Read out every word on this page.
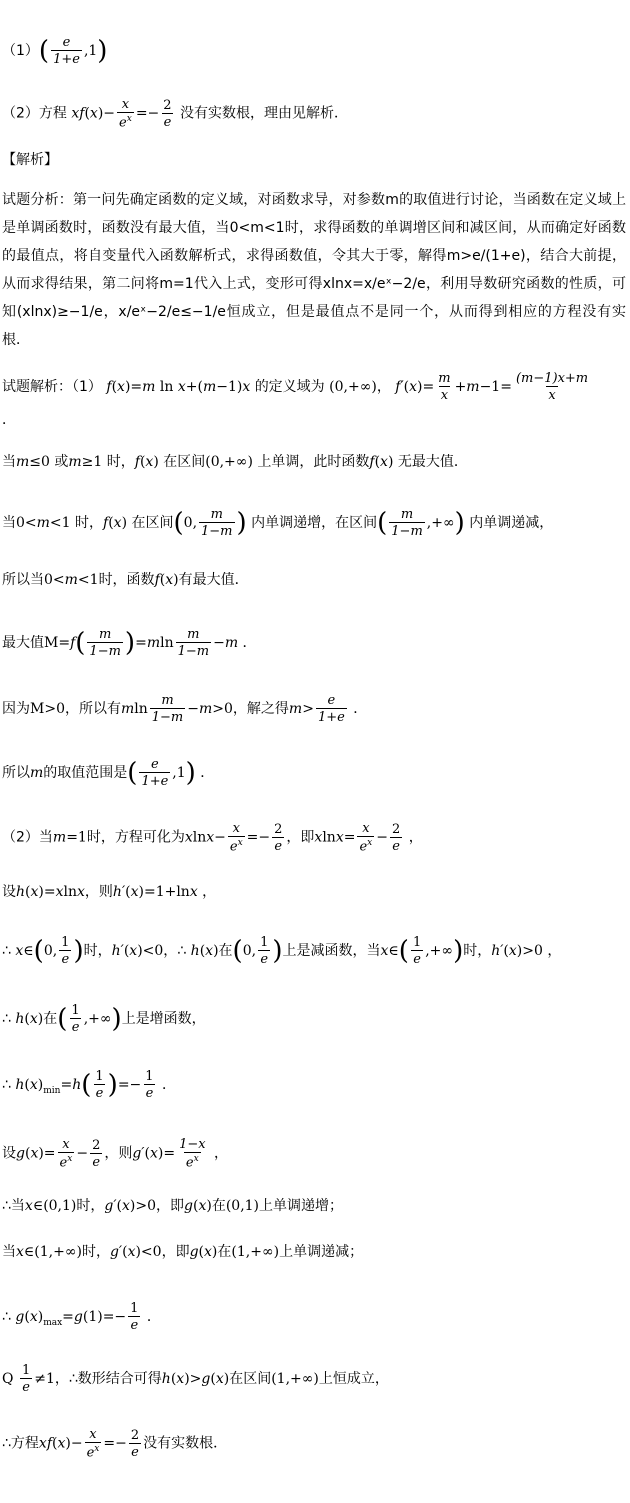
$(1)( \frac{e}{1+e} ,1)$
（2）方程 $xf(x)- \frac{x}{e^x} =- \frac{2}{e}$ 没有实数根，理由见解析．
【解析】
试题分析：第一问先确定函数的定义域，对函数求导，对参数m的取值进行讨论，当函数在定义域上是单调函数时，函数没有最大值，当0<m<1时，求得函数的单调增区间和减区间，从而确定好函数的最值点，将自变量代入函数解析式，求得函数值，令其大于零，解得m>e/(1+e)，结合大前提，从而求得结果，第二问将m=1代入上式，变形可得xlnx=x/eˣ−2/e，利用导数研究函数的性质，可知(xlnx)≥−1/e，x/eˣ−2/e≤−1/e恒成立，但是最值点不是同一个，从而得到相应的方程没有实根．
试题解析：（1） f(x)=m ln x+(m−1)x 的定义域为 (0,+∞)， $f'(x)= \frac{m}{x} +m-1= \frac{(m-1)x+m}{x}$
．
当m≤0 或m≥1 时，f(x) 在区间(0,+∞) 上单调，此时函数f(x) 无最大值．
当0<m<1 时，f(x) 在区间(0, $\frac{m}{1-m}$ ) 内单调递增，在区间( $\frac{m}{1-m}$ ,+∞) 内单调递减，
所以当0<m<1时，函数f(x)有最大值．
最大值$M=f( \frac{m}{1-m} )=mln \frac{m}{1-m} -m$ ．
因为M>0，所以有mln $\frac{m}{1-m} -m>0$，解之得$m> \frac{e}{1+e}$ ．
所以m的取值范围是( $\frac{e}{1+e} ,1$) ．
（2）当m=1时，方程可化为$xlnx- \frac{x}{e^x} =- \frac{2}{e}$ ，即$xlnx= \frac{x}{e^x} - \frac{2}{e}$ ，
设h(x)=xlnx，则h′(x)=1+lnx ，
∴ x∈(0, $\frac{1}{e}$ )时，h′(x)<0，∴ h(x)在(0, $\frac{1}{e}$ )上是减函数，当x∈( $\frac{1}{e}$ ,+∞)时，h′(x)>0 ，
∴ h(x)在( $\frac{1}{e}$ ,+∞)上是增函数，
∴ $h(x)_{min}=h( \frac{1}{e}$ )=− $\frac{1}{e}$ ．
设$g(x)= \frac{x}{e^x} - \frac{2}{e}$ ，则$g'(x)= \frac{1-x}{e^x}$ ，
∴当x∈(0,1)时，g′(x)>0，即g(x)在(0,1)上单调递增；
当x∈(1,+∞)时，g′(x)<0，即g(x)在(1,+∞)上单调递减；
∴ $g(x)_{max}=g(1)=- \frac{1}{e}$ ．
Q $\frac{1}{e} \ne 1$，∴数形结合可得h(x)>g(x)在区间(1,+∞)上恒成立，
∴方程$xf(x)- \frac{x}{e^x} =- \frac{2}{e}$ 没有实数根．
